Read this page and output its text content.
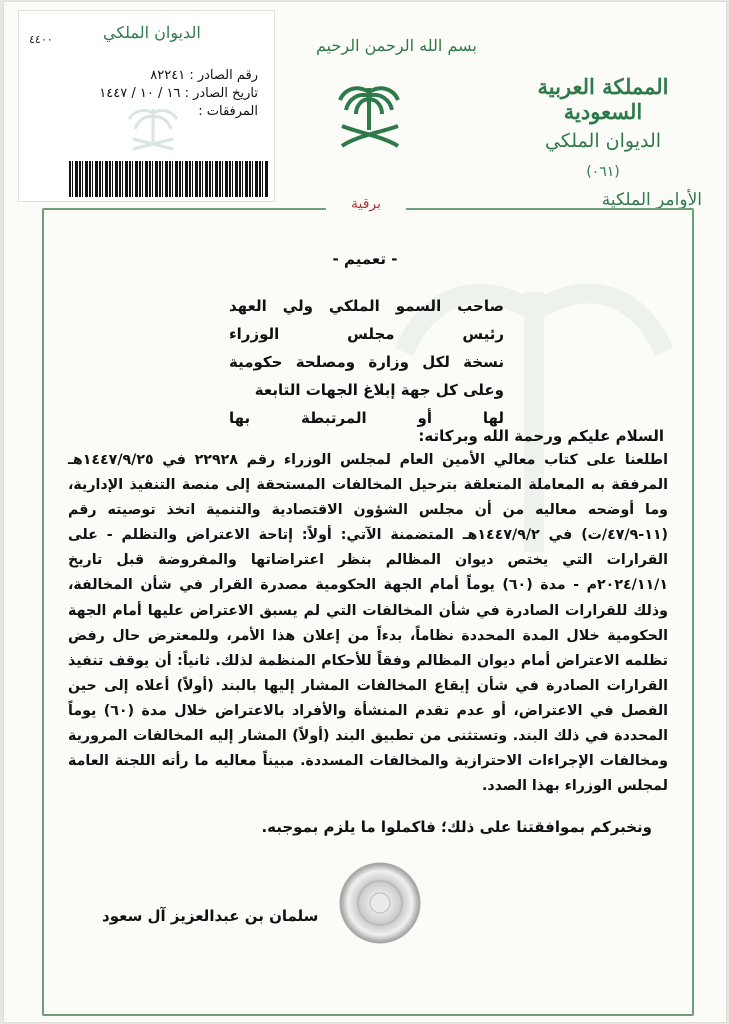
٤٤٠٠	الديوان الملكي
رقم الصادر : ٨٢٢٤١
تاريخ الصادر : ١٦ / ١٠ / ١٤٤٧
المرفقات :
بسم الله الرحمن الرحيم
المملكة العربية السعودية
الديوان الملكي
(٠٦١)
الأوامر الملكية
برقية
- تعميم -
صاحب السمو الملكي ولي العهد
رئيس مجلس الوزراء
نسخة لكل وزارة ومصلحة حكومية
وعلى كل جهة إبلاغ الجهات التابعة لها أو المرتبطة بها
السلام عليكم ورحمة الله وبركاته:
اطلعنا على كتاب معالي الأمين العام لمجلس الوزراء رقم ٢٢٩٢٨ في ١٤٤٧/٩/٢٥هـ المرفقة به المعاملة المتعلقة بترحيل المخالفات المستحقة إلى منصة التنفيذ الإدارية، وما أوضحه معاليه من أن مجلس الشؤون الاقتصادية والتنمية اتخذ توصيته رقم (١١-٤٧/٩/ت) في ١٤٤٧/٩/٢هـ المتضمنة الآتي: أولاً: إتاحة الاعتراض والتظلم - على القرارات التي يختص ديوان المظالم بنظر اعتراضاتها والمفروضة قبل تاريخ ٢٠٢٤/١١/١م - مدة (٦٠) يوماً أمام الجهة الحكومية مصدرة القرار في شأن المخالفة، وذلك للقرارات الصادرة في شأن المخالفات التي لم يسبق الاعتراض عليها أمام الجهة الحكومية خلال المدة المحددة نظاماً، بدءاً من إعلان هذا الأمر، وللمعترض حال رفض تظلمه الاعتراض أمام ديوان المظالم وفقاً للأحكام المنظمة لذلك. ثانياً: أن يوقف تنفيذ القرارات الصادرة في شأن إيقاع المخالفات المشار إليها بالبند (أولاً) أعلاه إلى حين الفصل في الاعتراض، أو عدم تقدم المنشأة والأفراد بالاعتراض خلال مدة (٦٠) يوماً المحددة في ذلك البند. وتستثنى من تطبيق البند (أولاً) المشار إليه المخالفات المرورية ومخالفات الإجراءات الاحترازية والمخالفات المسددة. مبيناً معاليه ما رأته اللجنة العامة لمجلس الوزراء بهذا الصدد.
ونخبركم بموافقتنا على ذلك؛ فاكملوا ما يلزم بموجبه.
سلمان بن عبدالعزيز آل سعود
